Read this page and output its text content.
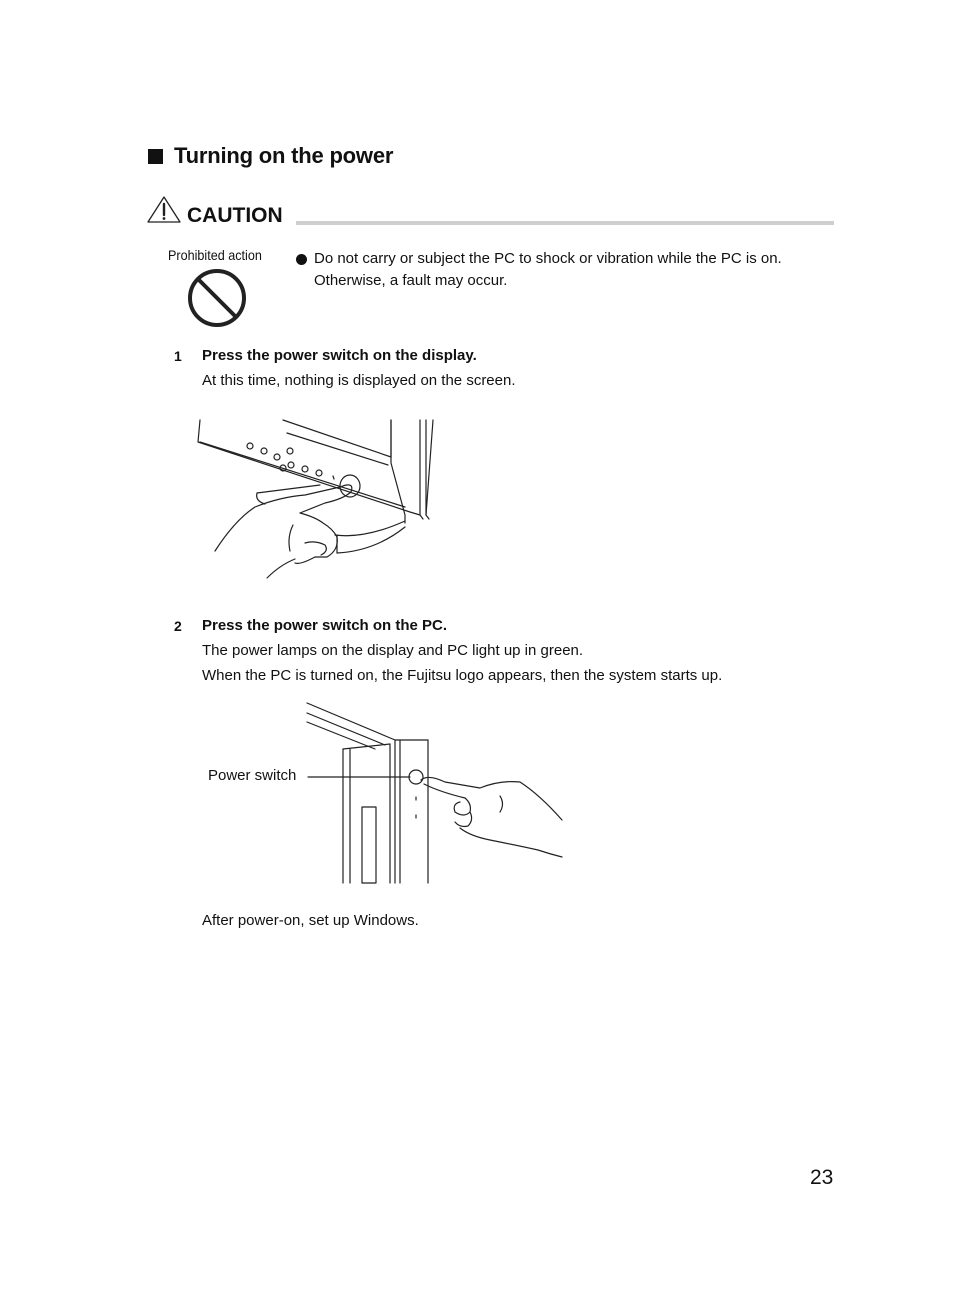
Turning on the power
CAUTION
Prohibited action	Do not carry or subject the PC to shock or vibration while the PC is on.
Otherwise, a fault may occur.
1 Press the power switch on the display.
At this time, nothing is displayed on the screen.
2 Press the power switch on the PC.
The power lamps on the display and PC light up in green.
When the PC is turned on, the Fujitsu logo appears, then the system starts up.
Power switch
After power-on, set up Windows.
23
